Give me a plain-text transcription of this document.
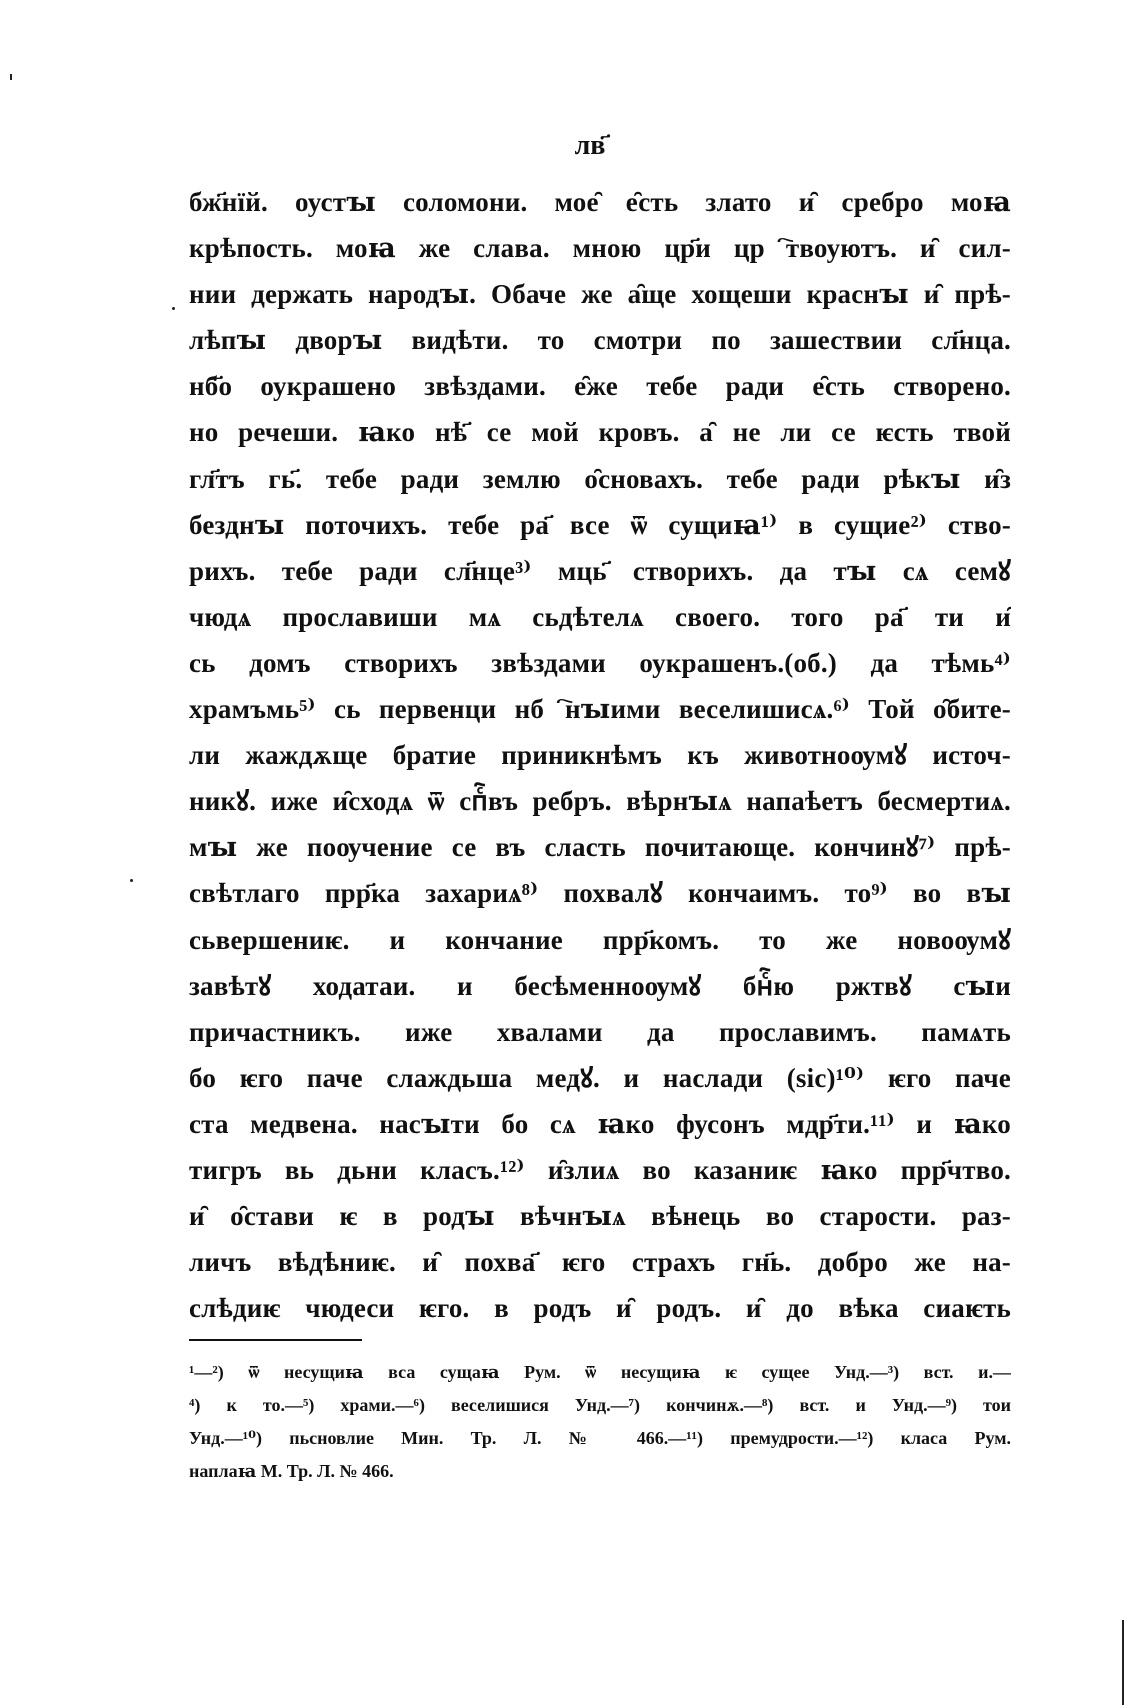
лв҃
бж҃нїй. оустꙑ соломони. мое̑ е̑сть злато и̑ сребро моꙗ
крѣпость. моꙗ же слава. мною цр҃и црⷭ҇твоуютъ. и̑ сил-
нии держать народꙑ. Обаче же а̑ще хощеши краснꙑ и̑ прѣ-
лѣпꙑ дворꙑ видѣти. то смотри по зашествии сл҃нца.
нб҃о оукрашено звѣздами. е̑же тебе ради е̑сть створено.
но речеши. ꙗко нѣ҃ се мой кровъ. а̑ не ли се ѥсть твой
гл҃тъ гь҃. тебе ради землю о̑сновахъ. тебе ради рѣкꙑ и̑з
безднꙑ поточихъ. тебе ра҃ все ѿ сущиꙗ¹⁾ в сущие²⁾ ство-
рихъ. тебе ради сл҃нце³⁾ мць҃ створихъ. да тꙑ сѧ семꙋ
чюдѧ прославиши мѧ сьдѣтелѧ своего. того ра҃ ти и̑
сь домъ створихъ звѣздами оукрашенъ.(об.) да тѣмь⁴⁾
храмъмь⁵⁾ сь первенци нбⷭ҇нꙑими веселишисѧ.⁶⁾ Той о̑бите-
ли жаждѫще братие приникнѣмъ къ животноѹмꙋ источ-
никꙋ. иже и̑сходѧ ѿ спⷭ҇въ ребръ. вѣрнꙑѧ напаѣетъ бесмертиѧ.
мꙑ же поѹчение се въ сласть почитающе. кончинꙋ⁷⁾ прѣ-
свѣтлаго прр҃ка захариѧ⁸⁾ похвалꙋ кончаимъ. то⁹⁾ во вꙑ
сьвершениѥ. и кончание прр҃комъ. то же новоѹмꙋ
завѣтꙋ ходатаи. и бесѣменноѹмꙋ бнⷭ҇ю ржтвꙋ сꙑи
причастникъ. иже хвалами да прославимъ. памѧть
бо ѥго паче слаждьша медꙋ. и наслади (sic)¹⁰⁾ ѥго паче
ста медвена. насꙑти бо сѧ ꙗко фусонъ мдр҃ти.¹¹⁾ и ꙗко
тигръ вь дьни класъ.¹²⁾ и̑злиѧ во казаниѥ ꙗко прр҃чтво.
и̑ о̑стави ѥ в родꙑ вѣчнꙑѧ вѣнець во старости. раз-
личъ вѣдѣниѥ. и̑ похва҃ ѥго страхъ гн҃ь. добро же на-
слѣдиѥ чюдеси ѥго. в родъ и̑ родъ. и̑ до вѣка сиаѥть
¹—²) ѿ несущиꙗ вса сущаꙗ Рум. ѿ несущиꙗ ѥ сущее Унд.—³) вст. и.—
⁴) к то.—⁵) храми.—⁶) веселишися Унд.—⁷) кончинѫ.—⁸) вст. и Унд.—⁹) тои
Унд.—¹⁰) пьсновлие Мин. Тр. Л. № 466.—¹¹) премудрости.—¹²) класа Рум.
наплаꙗ М. Тр. Л. № 466.
